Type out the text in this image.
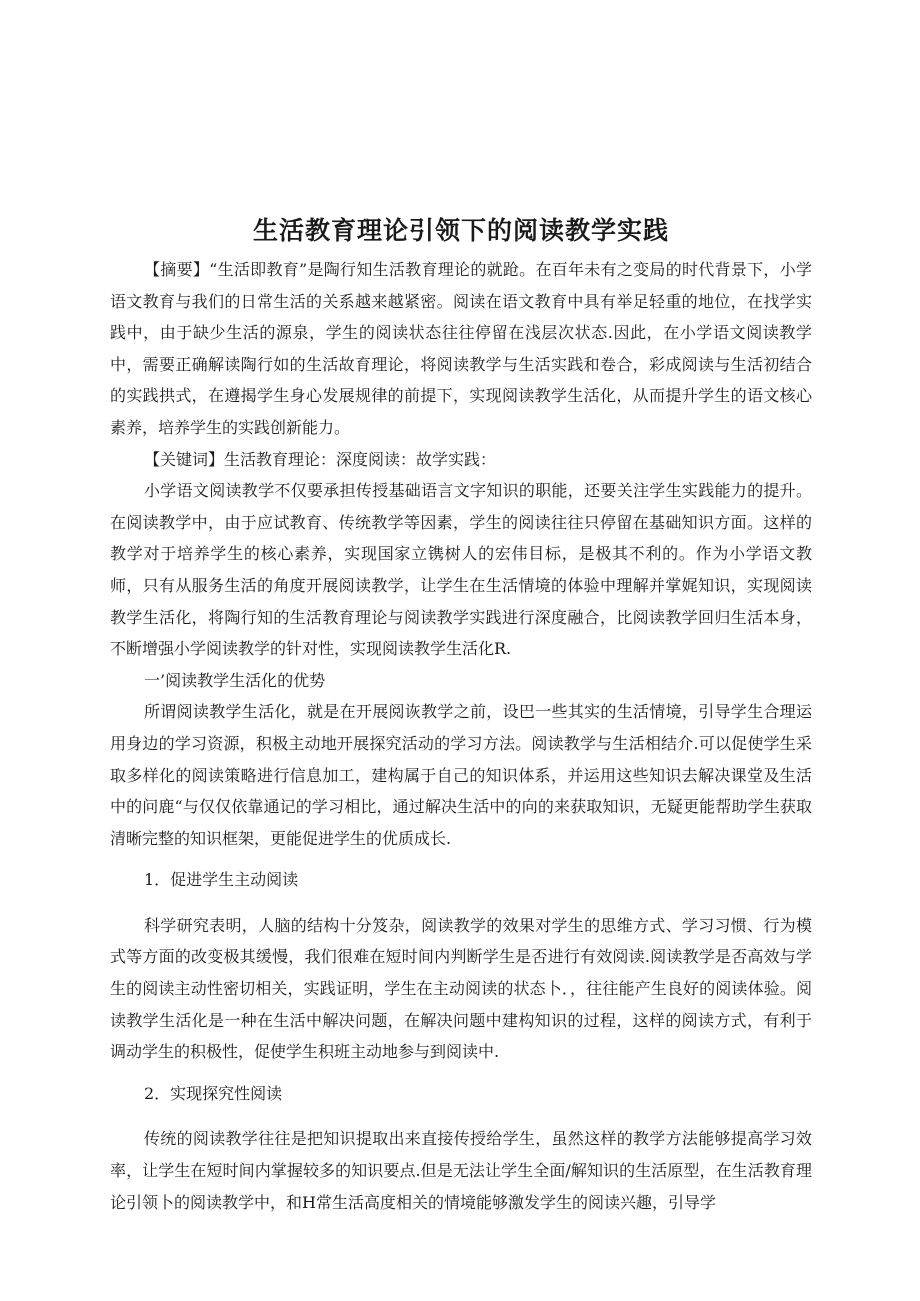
生活教育理论引领下的阅读教学实践

【摘要】“生活即教育”是陶行知生活教育理论的就跄。在百年未有之变局的时代背景下，小学语文教育与我们的日常生活的关系越来越紧密。阅读在语文教育中具有举足轻重的地位，在找学实践中，由于缺少生活的源泉，学生的阅读状态往往停留在浅层次状态.因此，在小学语文阅读教学中，需要正确解读陶行如的生活故育理论，将阅读教学与生活实践和卷合，彩成阅读与生活初结合的实践拱式，在遵揭学生身心发展规律的前提下，实现阅读教学生活化，从而提升学生的语文核心素养，培养学生的实践创新能力。

【关键词】生活教育理论：深度阅读：故学实践：

小学语文阅读教学不仅要承担传授基础语言文字知识的职能，还要关注学生实践能力的提升。在阅读教学中，由于应试教育、传统教学等因素，学生的阅读往往只停留在基础知识方面。这样的教学对于培养学生的核心素养，实现国家立镌树人的宏伟目标，是极其不利的。作为小学语文教师，只有从服务生活的角度开展阅读教学，让学生在生活情境的体验中理解并掌娓知识，实现阅读教学生活化，将陶行知的生活教育理论与阅读教学实践进行深度融合，比阅读教学回归生活本身，不断增强小学阅读教学的针对性，实现阅读教学生活化R.

一’阅读教学生活化的优势

所谓阅读教学生活化，就是在开展阅诙教学之前，设巴一些其实的生活情境，引导学生合理运用身边的学习资源，积极主动地开展探究活动的学习方法。阅读教学与生活相结介.可以促使学生采取多样化的阅读策略进行信息加工，建构属于自己的知识体系，并运用这些知识去解决课堂及生活中的问鹿“与仅仅依靠通记的学习相比，通过解决生活中的向的来获取知识，无疑更能帮助学生获取清晰完整的知识框架，更能促进学生的优质成长.

1．促进学生主动阅读

科学研究表明，人脑的结构十分笈杂，阅读教学的效果对学生的思维方式、学习习惯、行为模式等方面的改变极其缓慢，我们很难在短时间内判断学生是否进行有效阅读.阅读教学是否高效与学生的阅读主动性密切相关，实践证明，学生在主动阅读的状态卜．，往往能产生良好的阅读体验。阅读教学生活化是一种在生活中解决问题，在解决问题中建构知识的过程，这样的阅读方式，有利于调动学生的积极性，促使学生积班主动地参与到阅读中.

2．实现探究性阅读

传统的阅读教学往往是把知识提取出来直接传授给学生，虽然这样的教学方法能够提高学习效率，让学生在短时间内掌握较多的知识要点.但是无法让学生全面/解知识的生活原型，在生活教育理论引领卜的阅读教学中，和H常生活高度相关的情境能够激发学生的阅读兴趣，引导学
